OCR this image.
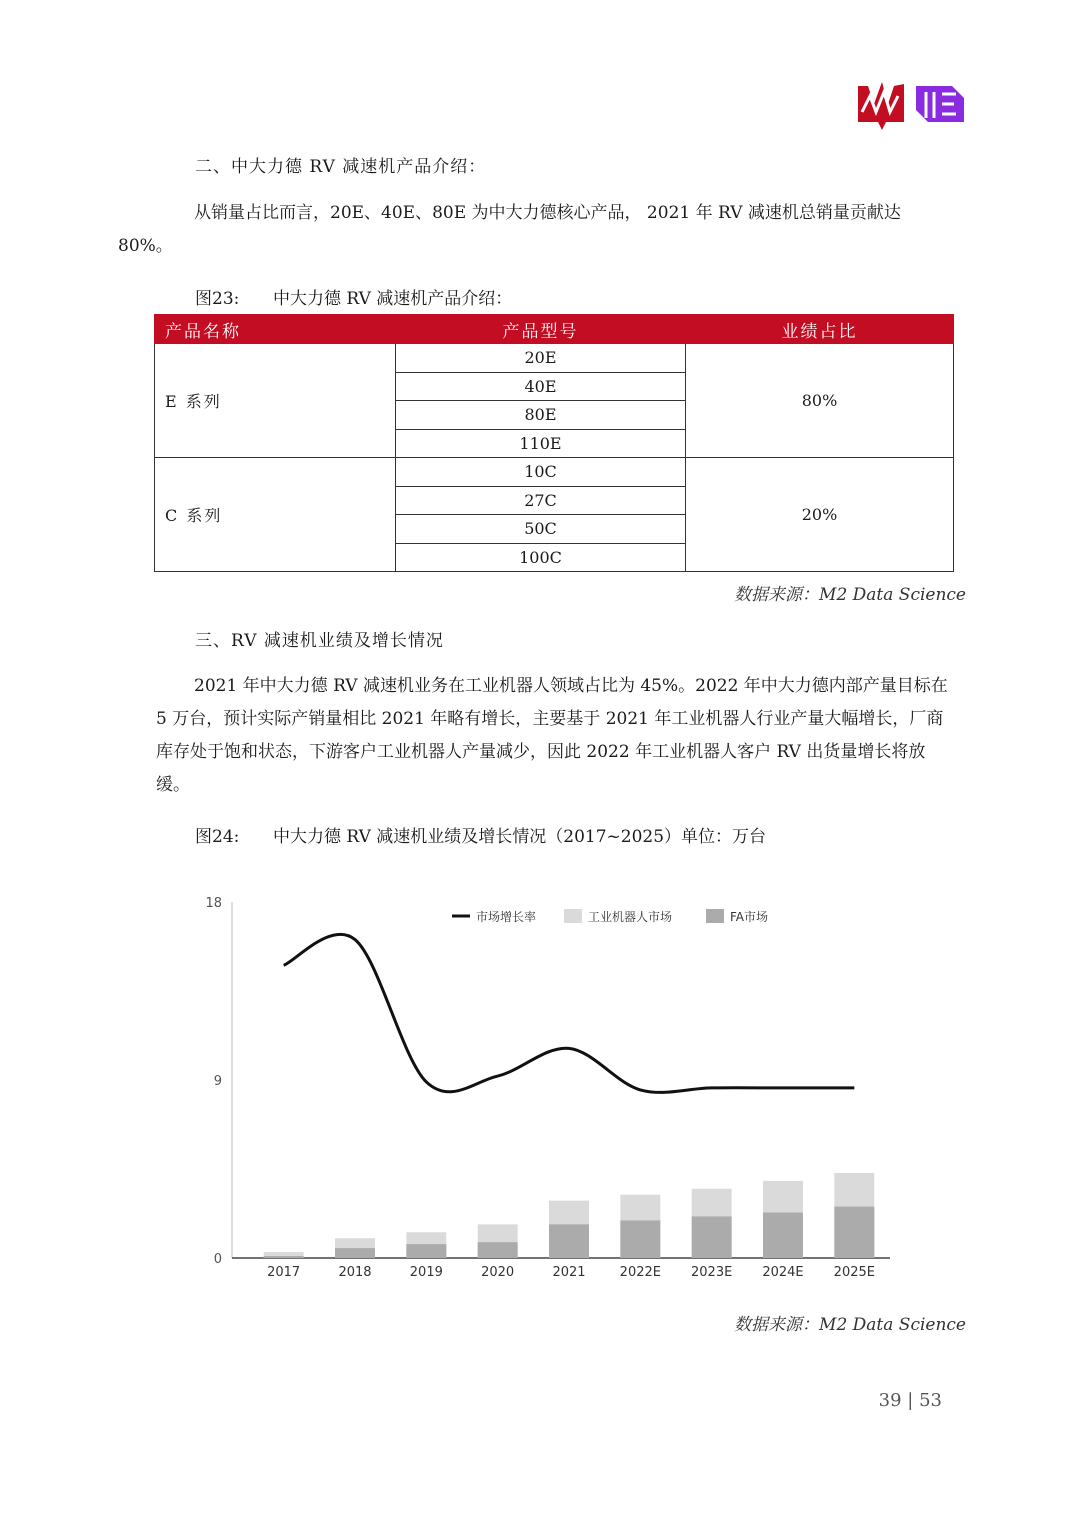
二、中大力德 RV 减速机产品介绍：

从销量占比而言，20E、40E、80E 为中大力德核心产品， 2021 年 RV 减速机总销量贡献达
80%。

图23: 中大力德 RV 减速机产品介绍：

产品名称	产品型号	业绩占比
E 系列	20E	80%
	40E	
	80E	
	110E	
C 系列	10C	20%
	27C	
	50C	
	100C	
数据来源：M2 Data Science
三、RV 减速机业绩及增长情况

2021 年中大力德 RV 减速机业务在工业机器人领域占比为 45%。2022 年中大力德内部产量目标在 5 万台，预计实际产销量相比 2021 年略有增长，主要基于 2021 年工业机器人行业产量大幅增长，厂商库存处于饱和状态，下游客户工业机器人产量减少，因此 2022 年工业机器人客户 RV 出货量增长将放缓。

图24: 中大力德 RV 减速机业绩及增长情况（2017~2025）单位：万台

0
9
18
2017	2018	2019	2020	2021	2022E 2023E 2024E 2025E
市场增长率	工业机器人市场	FA市场
数据来源：M2 Data Science
39 | 53
